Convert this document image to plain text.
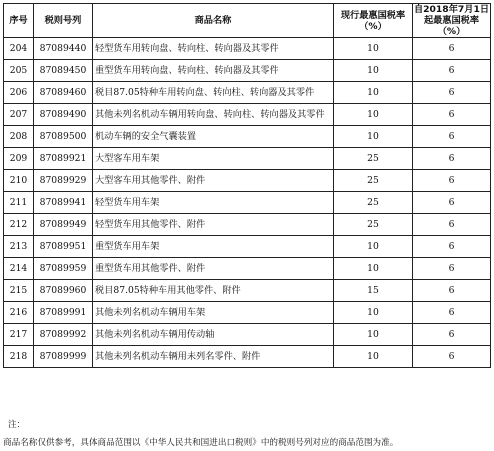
序号	税则号列	商品名称	现行最惠国税率（%）	自2018年7月1日起最惠国税率（%）
204	87089440	轻型货车用转向盘、转向柱、转向器及其零件	10	6
205	87089450	重型货车用转向盘、转向柱、转向器及其零件	10	6
206	87089460	税目87.05特种车用转向盘、转向柱、转向器及其零件	10	6
207	87089490	其他未列名机动车辆用转向盘、转向柱、转向器及其零件	10	6
208	87089500	机动车辆的安全气囊装置	10	6
209	87089921	大型客车用车架	25	6
210	87089929	大型客车用其他零件、附件	25	6
211	87089941	轻型货车用车架	25	6
212	87089949	轻型货车用其他零件、附件	25	6
213	87089951	重型货车用车架	10	6
214	87089959	重型货车用其他零件、附件	10	6
215	87089960	税目87.05特种车用其他零件、附件	15	6
216	87089991	其他未列名机动车辆用车架	10	6
217	87089992	其他未列名机动车辆用传动轴	10	6
218	87089999	其他未列名机动车辆用未列名零件、附件	10	6
注：
商品名称仅供参考，具体商品范围以《中华人民共和国进出口税则》中的税则号列对应的商品范围为准。
